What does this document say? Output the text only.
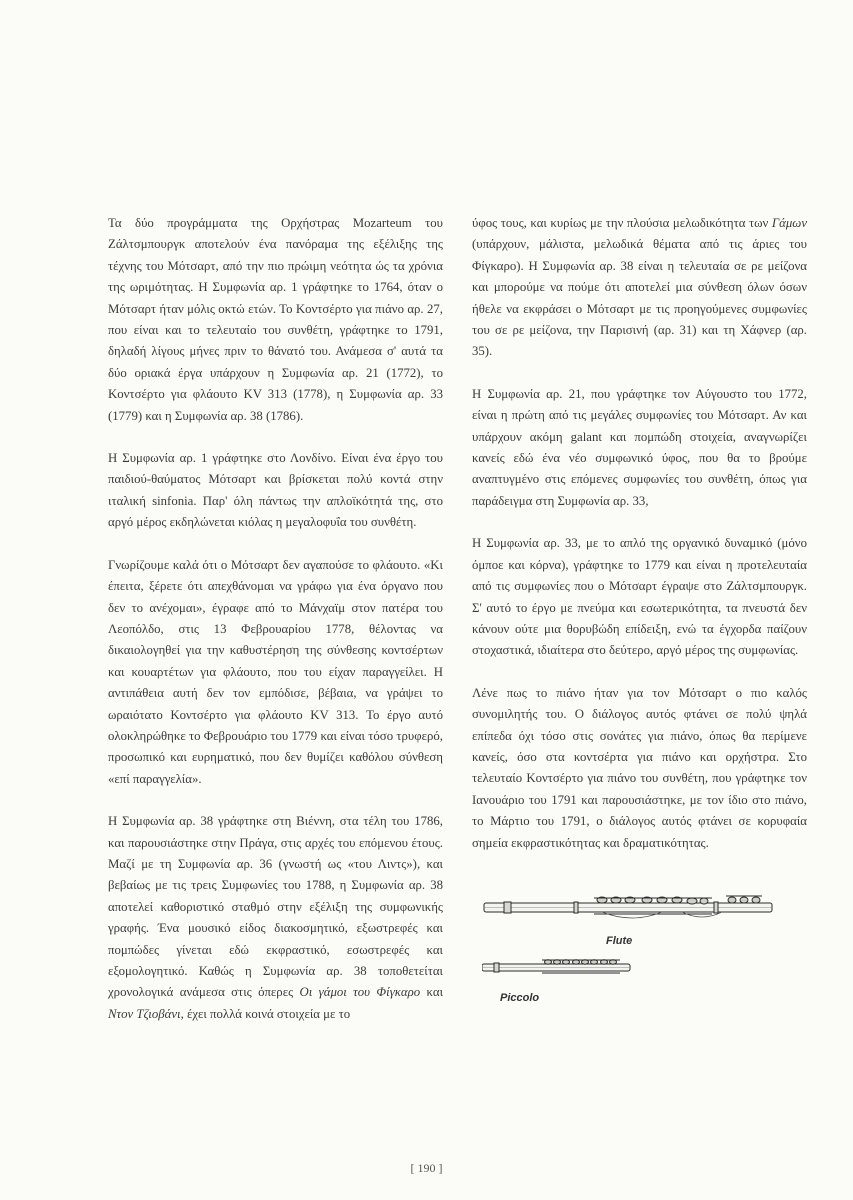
Τα δύο προγράμματα της Ορχήστρας Mozarteum του Ζάλτσμπουργκ αποτελούν ένα πανόραμα της εξέλιξης της τέχνης του Μότσαρτ, από την πιο πρώιμη νεότητα ώς τα χρόνια της ωριμότητας. Η Συμφωνία αρ. 1 γράφτηκε το 1764, όταν ο Μότσαρτ ήταν μόλις οκτώ ετών. Το Κοντσέρτο για πιάνο αρ. 27, που είναι και το τελευταίο του συνθέτη, γράφτηκε το 1791, δηλαδή λίγους μήνες πριν το θάνατό του. Ανάμεσα σ' αυτά τα δύο οριακά έργα υπάρχουν η Συμφωνία αρ. 21 (1772), το Κοντσέρτο για φλάουτο KV 313 (1778), η Συμφωνία αρ. 33 (1779) και η Συμφωνία αρ. 38 (1786).

Η Συμφωνία αρ. 1 γράφτηκε στο Λονδίνο. Είναι ένα έργο του παιδιού-θαύματος Μότσαρτ και βρίσκεται πολύ κοντά στην ιταλική sinfonia. Παρ' όλη πάντως την απλοϊκότητά της, στο αργό μέρος εκδηλώνεται κιόλας η μεγαλοφυΐα του συνθέτη.

Γνωρίζουμε καλά ότι ο Μότσαρτ δεν αγαπούσε το φλάουτο. «Κι έπειτα, ξέρετε ότι απεχθάνομαι να γράφω για ένα όργανο που δεν το ανέχομαι», έγραφε από το Μάνχαϊμ στον πατέρα του Λεοπόλδο, στις 13 Φεβρουαρίου 1778, θέλοντας να δικαιολογηθεί για την καθυστέρηση της σύνθεσης κοντσέρτων και κουαρτέτων για φλάουτο, που του είχαν παραγγείλει. Η αντιπάθεια αυτή δεν τον εμπόδισε, βέβαια, να γράψει το ωραιότατο Κοντσέρτο για φλάουτο KV 313. Το έργο αυτό ολοκληρώθηκε το Φεβρουάριο του 1779 και είναι τόσο τρυφερό, προσωπικό και ευρηματικό, που δεν θυμίζει καθόλου σύνθεση «επί παραγγελία».

Η Συμφωνία αρ. 38 γράφτηκε στη Βιέννη, στα τέλη του 1786, και παρουσιάστηκε στην Πράγα, στις αρχές του επόμενου έτους. Μαζί με τη Συμφωνία αρ. 36 (γνωστή ως «του Λιντς»), και βεβαίως με τις τρεις Συμφωνίες του 1788, η Συμφωνία αρ. 38 αποτελεί καθοριστικό σταθμό στην εξέλιξη της συμφωνικής γραφής. Ένα μουσικό είδος διακοσμητικό, εξωστρεφές και πομπώδες γίνεται εδώ εκφραστικό, εσωστρεφές και εξομολογητικό. Καθώς η Συμφωνία αρ. 38 τοποθετείται χρονολογικά ανάμεσα στις όπερες Οι γάμοι του Φίγκαρο και Ντον Τζιοβάνι, έχει πολλά κοινά στοιχεία με το

ύφος τους, και κυρίως με την πλούσια μελωδικότητα των Γάμων (υπάρχουν, μάλιστα, μελωδικά θέματα από τις άριες του Φίγκαρο). Η Συμφωνία αρ. 38 είναι η τελευταία σε ρε μείζονα και μπορούμε να πούμε ότι αποτελεί μια σύνθεση όλων όσων ήθελε να εκφράσει ο Μότσαρτ με τις προηγούμενες συμφωνίες του σε ρε μείζονα, την Παρισινή (αρ. 31) και τη Χάφνερ (αρ. 35).

Η Συμφωνία αρ. 21, που γράφτηκε τον Αύγουστο του 1772, είναι η πρώτη από τις μεγάλες συμφωνίες του Μότσαρτ. Αν και υπάρχουν ακόμη galant και πομπώδη στοιχεία, αναγνωρίζει κανείς εδώ ένα νέο συμφωνικό ύφος, που θα το βρούμε αναπτυγμένο στις επόμενες συμφωνίες του συνθέτη, όπως για παράδειγμα στη Συμφωνία αρ. 33,

Η Συμφωνία αρ. 33, με το απλό της οργανικό δυναμικό (μόνο όμποε και κόρνα), γράφτηκε το 1779 και είναι η προτελευταία από τις συμφωνίες που ο Μότσαρτ έγραψε στο Ζάλτσμπουργκ. Σ' αυτό το έργο με πνεύμα και εσωτερικότητα, τα πνευστά δεν κάνουν ούτε μια θορυβώδη επίδειξη, ενώ τα έγχορδα παίζουν στοχαστικά, ιδιαίτερα στο δεύτερο, αργό μέρος της συμφωνίας.

Λένε πως το πιάνο ήταν για τον Μότσαρτ ο πιο καλός συνομιλητής του. Ο διάλογος αυτός φτάνει σε πολύ ψηλά επίπεδα όχι τόσο στις σονάτες για πιάνο, όπως θα περίμενε κανείς, όσο στα κοντσέρτα για πιάνο και ορχήστρα. Στο τελευταίο Κοντσέρτο για πιάνο του συνθέτη, που γράφτηκε τον Ιανουάριο του 1791 και παρουσιάστηκε, με τον ίδιο στο πιάνο, το Μάρτιο του 1791, ο διάλογος αυτός φτάνει σε κορυφαία σημεία εκφραστικότητας και δραματικότητας.

Flute
Piccolo
[ 190 ]
